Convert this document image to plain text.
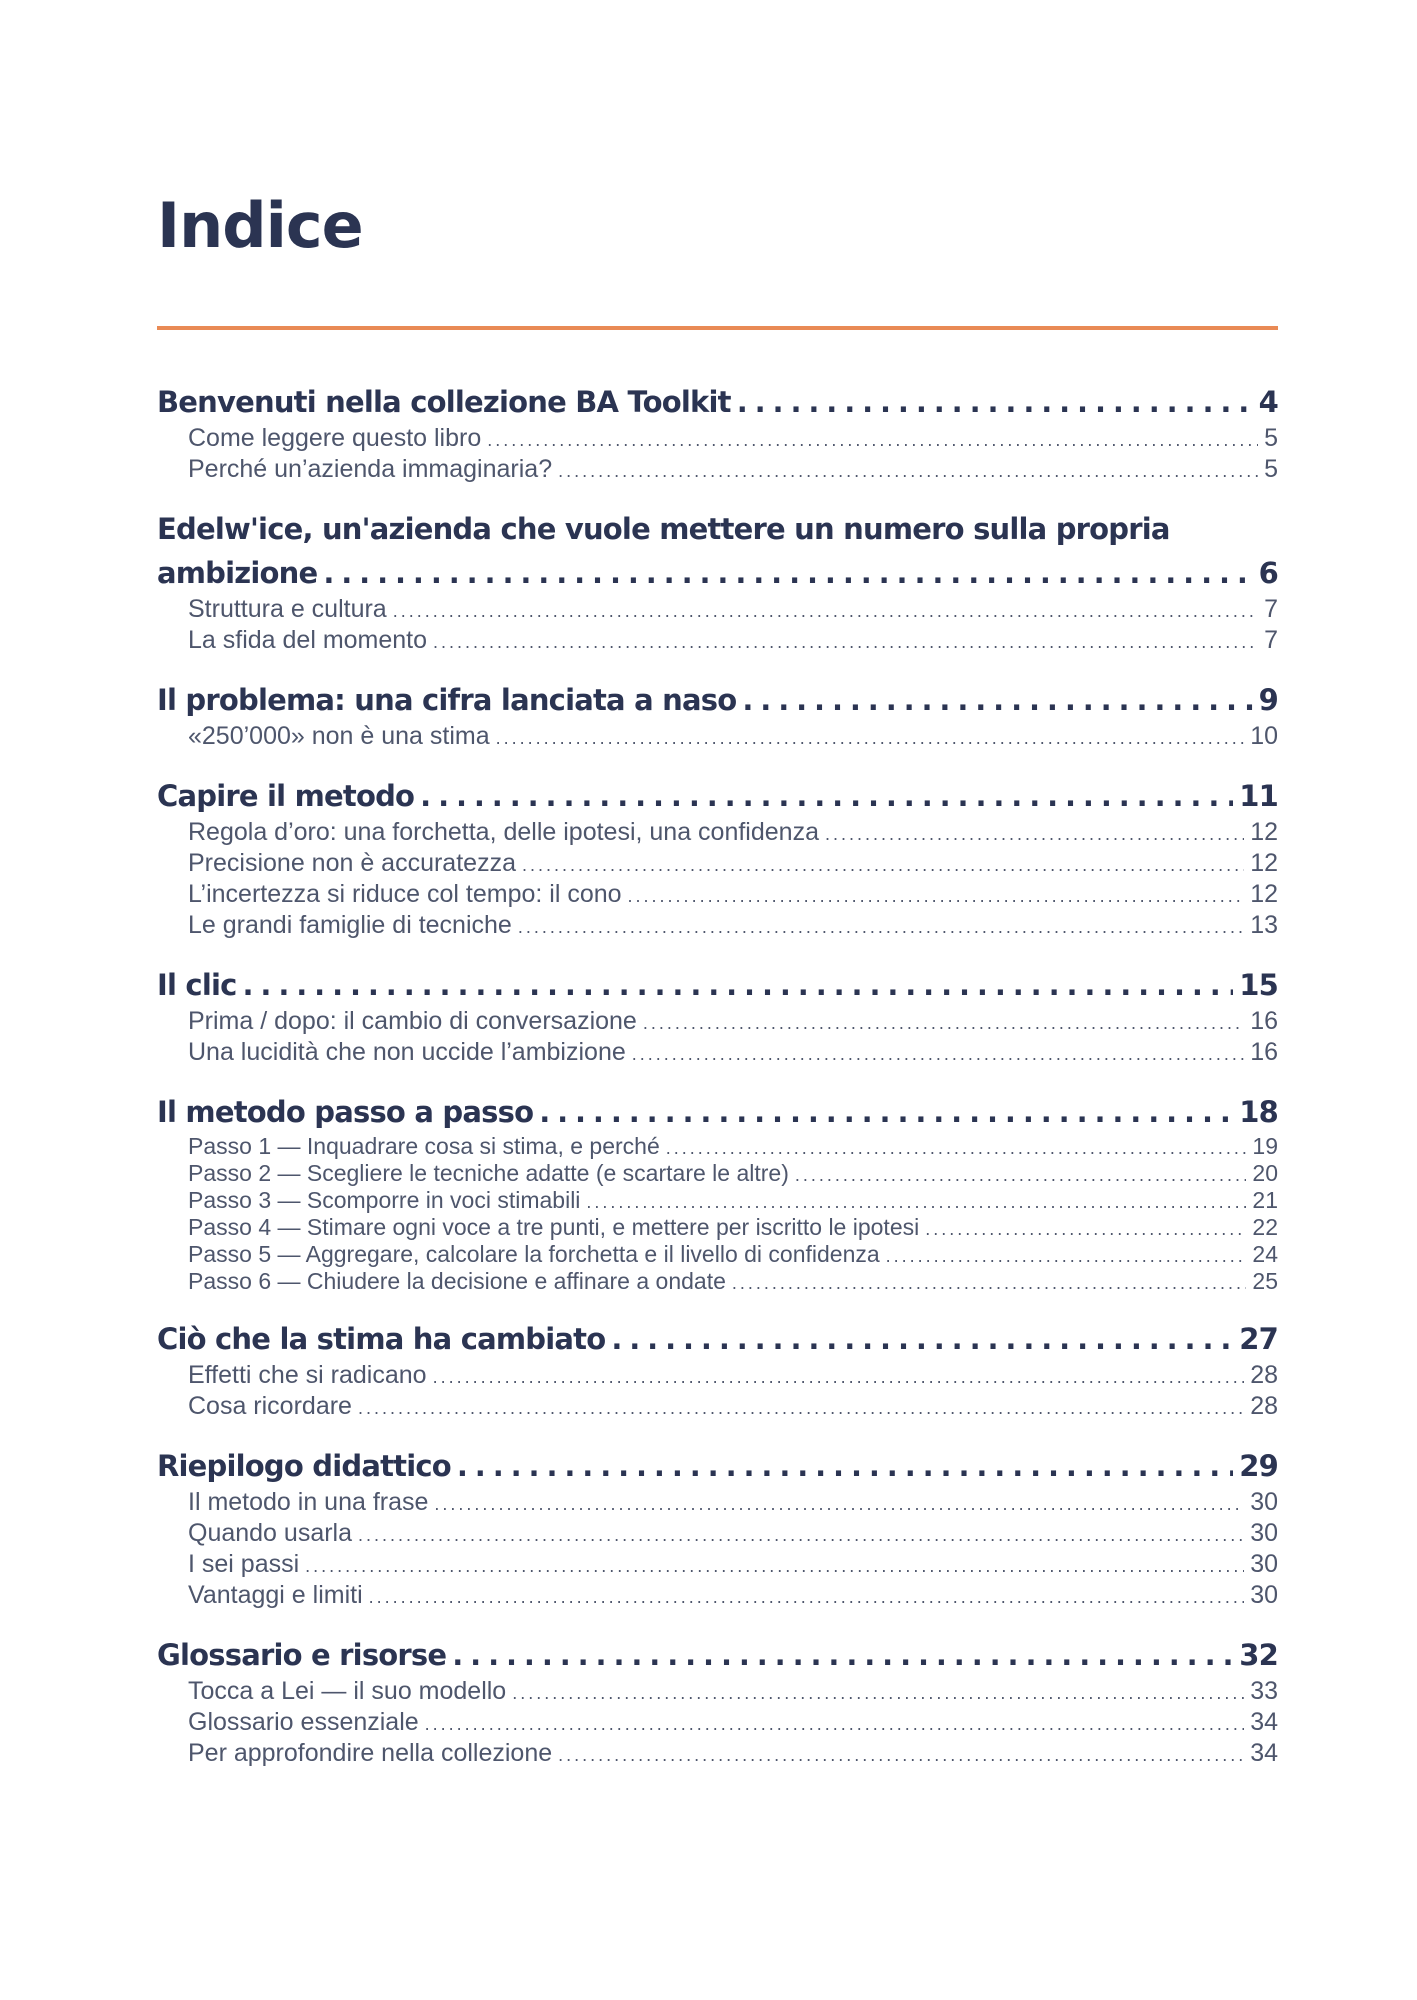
Indice
Benvenuti nella collezione BA Toolkit . . .	4
Come leggere questo libro . . .	5
Perché un’azienda immaginaria? . . .	5
Edelw'ice, un'azienda che vuole mettere un numero sulla propria
ambizione . . .	6
Struttura e cultura . . .	7
La sfida del momento . . .	7
Il problema: una cifra lanciata a naso . . .	9
«250’000» non è una stima . . .	10
Capire il metodo . . .	11
Regola d’oro: una forchetta, delle ipotesi, una confidenza . . .	12
Precisione non è accuratezza . . .	12
L’incertezza si riduce col tempo: il cono . . .	12
Le grandi famiglie di tecniche . . .	13
Il clic . . .	15
Prima / dopo: il cambio di conversazione . . .	16
Una lucidità che non uccide l’ambizione . . .	16
Il metodo passo a passo . . .	18
Passo 1 — Inquadrare cosa si stima, e perché . . .	19
Passo 2 — Scegliere le tecniche adatte (e scartare le altre) . . .	20
Passo 3 — Scomporre in voci stimabili . . .	21
Passo 4 — Stimare ogni voce a tre punti, e mettere per iscritto le ipotesi . . .	22
Passo 5 — Aggregare, calcolare la forchetta e il livello di confidenza . . .	24
Passo 6 — Chiudere la decisione e affinare a ondate . . .	25
Ciò che la stima ha cambiato . . .	27
Effetti che si radicano . . .	28
Cosa ricordare . . .	28
Riepilogo didattico . . .	29
Il metodo in una frase . . .	30
Quando usarla . . .	30
I sei passi . . .	30
Vantaggi e limiti . . .	30
Glossario e risorse . . .	32
Tocca a Lei — il suo modello . . .	33
Glossario essenziale . . .	34
Per approfondire nella collezione . . .	34
